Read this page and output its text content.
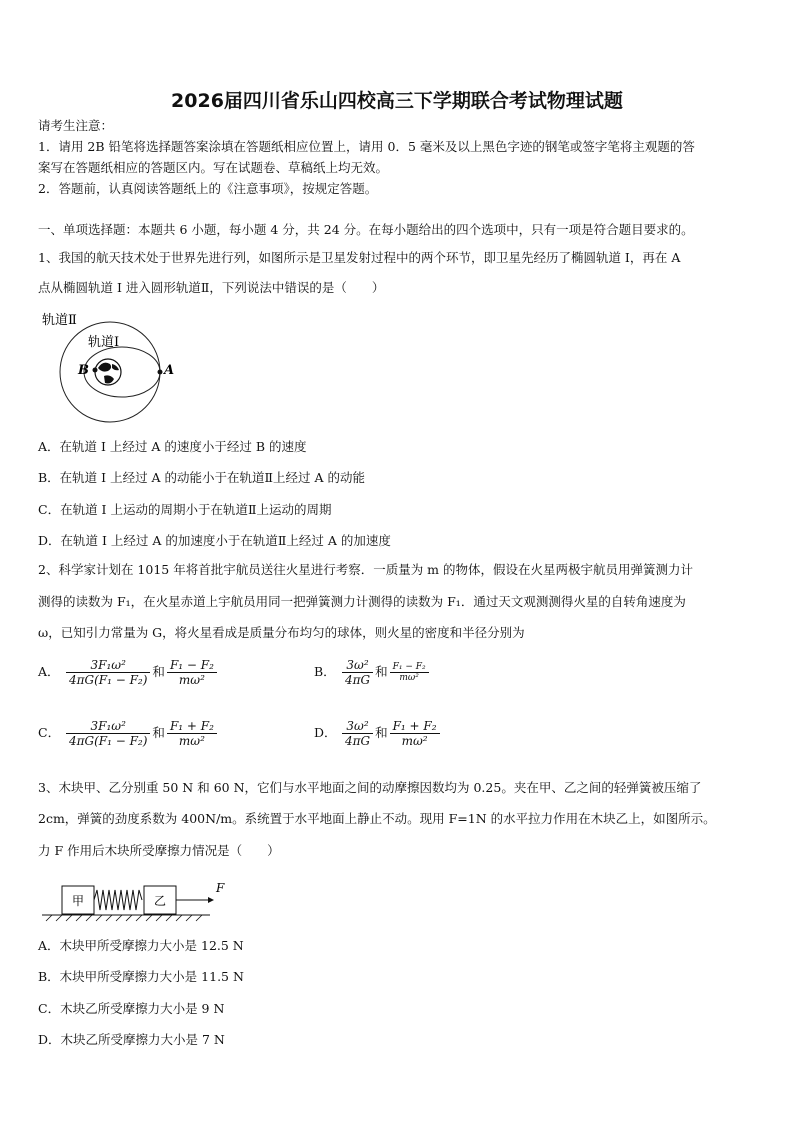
2026届四川省乐山四校高三下学期联合考试物理试题
请考生注意：
1．请用 2B 铅笔将选择题答案涂填在答题纸相应位置上，请用 0．5 毫米及以上黑色字迹的钢笔或签字笔将主观题的答
案写在答题纸相应的答题区内。写在试题卷、草稿纸上均无效。
2．答题前，认真阅读答题纸上的《注意事项》，按规定答题。
一、单项选择题：本题共 6 小题，每小题 4 分，共 24 分。在每小题给出的四个选项中，只有一项是符合题目要求的。
1、我国的航天技术处于世界先进行列，如图所示是卫星发射过程中的两个环节，即卫星先经历了椭圆轨道 I，再在 A
点从椭圆轨道 I 进入圆形轨道Ⅱ，下列说法中错误的是（　　）
轨道Ⅱ
轨道Ⅰ
B	A
A．在轨道 I 上经过 A 的速度小于经过 B 的速度
B．在轨道 I 上经过 A 的动能小于在轨道Ⅱ上经过 A 的动能
C．在轨道 I 上运动的周期小于在轨道Ⅱ上运动的周期
D．在轨道 I 上经过 A 的加速度小于在轨道Ⅱ上经过 A 的加速度
2、科学家计划在 1015 年将首批宇航员送往火星进行考察．一质量为 m 的物体，假设在火星两极宇航员用弹簧测力计
测得的读数为 F₁，在火星赤道上宇航员用同一把弹簧测力计测得的读数为 F₁．通过天文观测测得火星的自转角速度为
ω，已知引力常量为 G，将火星看成是质量分布均匀的球体，则火星的密度和半径分别为
A． $\frac{\text{3F₁ω²}}{\text{4πG(F₁ − F₂)}}$ 和 $\frac{\text{F₁ − F₂}}{\text{mω²}}$	B． $\frac{\text{3ω²}}{4\pi G}$ 和 $\frac{\text{F₁ − F₂}}{\text{mω²}}$
C． $\frac{\text{3F₁ω²}}{\text{4πG(F₁ − F₂)}}$ 和 $\frac{\text{F₁ + F₂}}{\text{mω²}}$	D． $\frac{\text{3ω²}}{4\pi G}$ 和 $\frac{\text{F₁ + F₂}}{\text{mω²}}$
3、木块甲、乙分别重 50 N 和 60 N，它们与水平地面之间的动摩擦因数均为 0.25。夹在甲、乙之间的轻弹簧被压缩了
2cm，弹簧的劲度系数为 400N/m。系统置于水平地面上静止不动。现用 F=1N 的水平拉力作用在木块乙上，如图所示。
力 F 作用后木块所受摩擦力情况是（　　）
甲	乙
F
A．木块甲所受摩擦力大小是 12.5 N
B．木块甲所受摩擦力大小是 11.5 N
C．木块乙所受摩擦力大小是 9 N
D．木块乙所受摩擦力大小是 7 N
